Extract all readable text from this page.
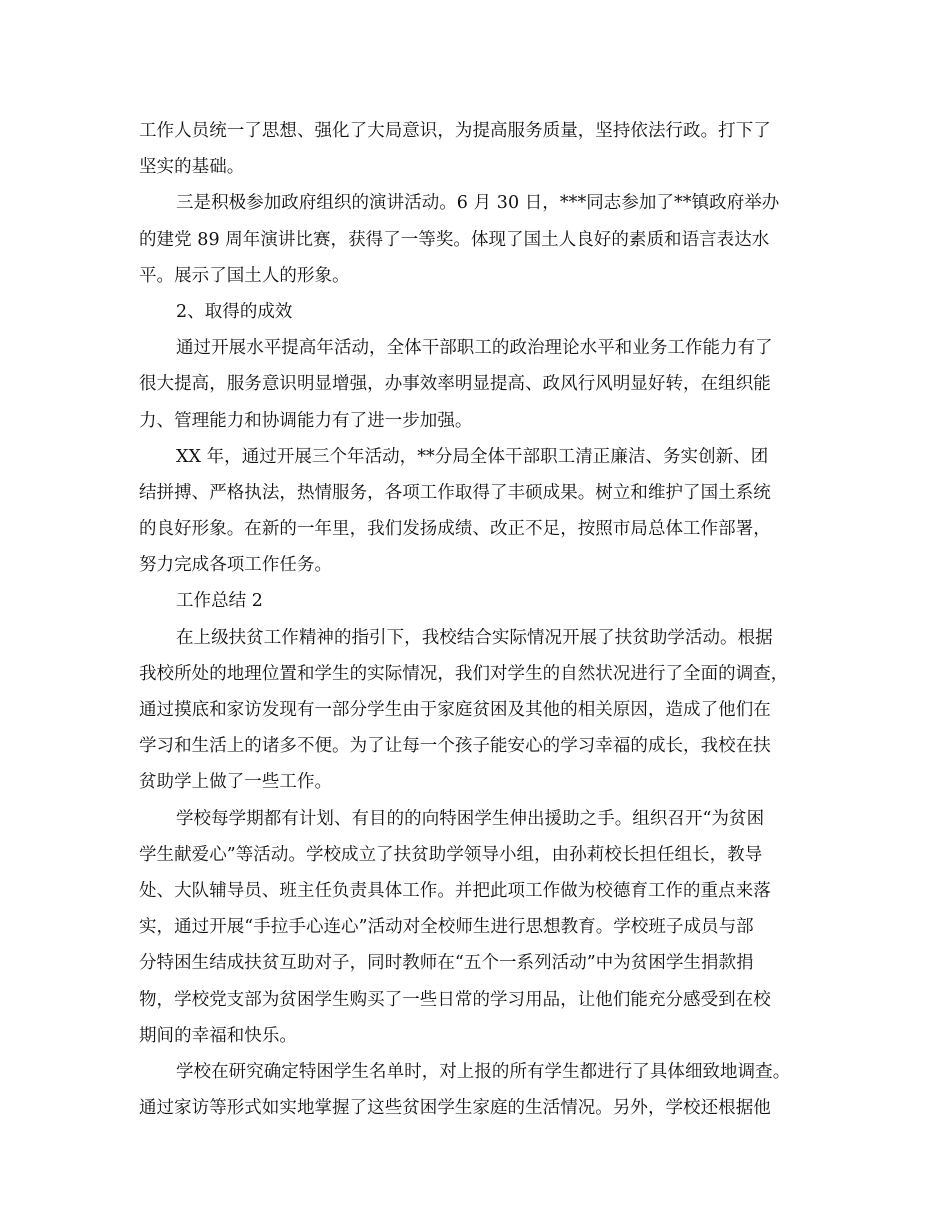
工作人员统一了思想、强化了大局意识，为提高服务质量，坚持依法行政。打下了
坚实的基础。
三是积极参加政府组织的演讲活动。6 月 30 日，***同志参加了**镇政府举办
的建党 89 周年演讲比赛，获得了一等奖。体现了国土人良好的素质和语言表达水
平。展示了国土人的形象。
2、取得的成效
通过开展水平提高年活动，全体干部职工的政治理论水平和业务工作能力有了
很大提高，服务意识明显增强，办事效率明显提高、政风行风明显好转，在组织能
力、管理能力和协调能力有了进一步加强。
XX 年，通过开展三个年活动，**分局全体干部职工清正廉洁、务实创新、团
结拼搏、严格执法，热情服务，各项工作取得了丰硕成果。树立和维护了国土系统
的良好形象。在新的一年里，我们发扬成绩、改正不足，按照市局总体工作部署，
努力完成各项工作任务。
工作总结 2
在上级扶贫工作精神的指引下，我校结合实际情况开展了扶贫助学活动。根据
我校所处的地理位置和学生的实际情况，我们对学生的自然状况进行了全面的调查，
通过摸底和家访发现有一部分学生由于家庭贫困及其他的相关原因，造成了他们在
学习和生活上的诸多不便。为了让每一个孩子能安心的学习幸福的成长，我校在扶
贫助学上做了一些工作。
学校每学期都有计划、有目的的向特困学生伸出援助之手。组织召开“为贫困
学生献爱心”等活动。学校成立了扶贫助学领导小组，由孙莉校长担任组长，教导
处、大队辅导员、班主任负责具体工作。并把此项工作做为校德育工作的重点来落
实，通过开展“手拉手心连心”活动对全校师生进行思想教育。学校班子成员与部
分特困生结成扶贫互助对子，同时教师在“五个一系列活动”中为贫困学生捐款捐
物，学校党支部为贫困学生购买了一些日常的学习用品，让他们能充分感受到在校
期间的幸福和快乐。
学校在研究确定特困学生名单时，对上报的所有学生都进行了具体细致地调查。
通过家访等形式如实地掌握了这些贫困学生家庭的生活情况。另外，学校还根据他
